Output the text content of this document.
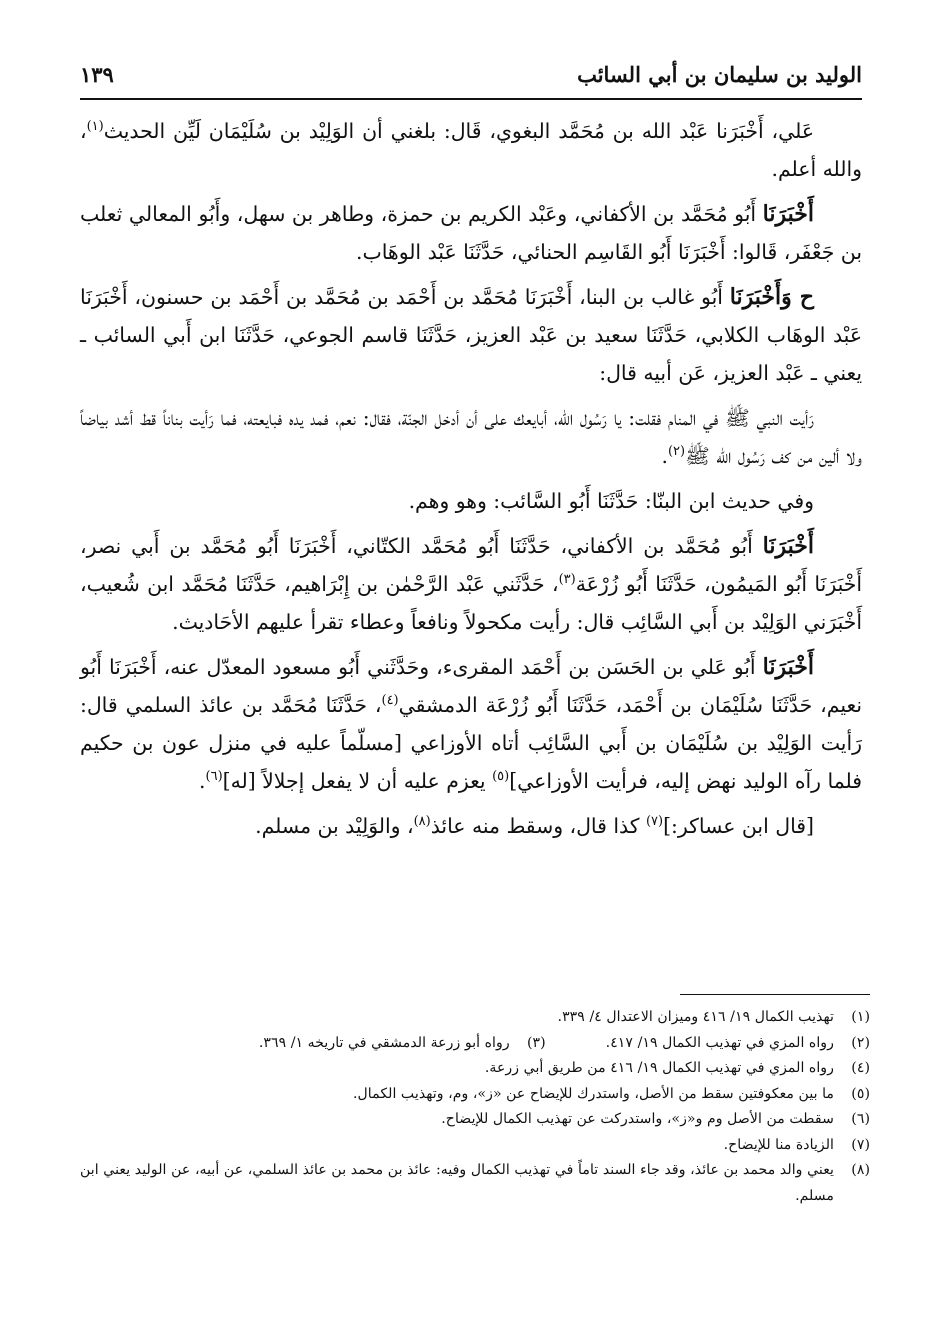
الوليد بن سليمان بن أبي السائب
١٣٩

عَلي، أَخْبَرَنا عَبْد الله بن مُحَمَّد البغوي، قَال: بلغني أن الوَلِيْد بن سُلَيْمَان لَيِّن الحديث$^{(١)}$، والله أعلم.

أَخْبَرَنَا أَبُو مُحَمَّد بن الأكفاني، وعَبْد الكريم بن حمزة، وطاهر بن سهل، وأَبُو المعالي ثعلب بن جَعْفَر، قَالوا: أَخْبَرَنَا أَبُو القَاسِم الحنائي، حَدَّثَنَا عَبْد الوهَاب.

ح وَأَخْبَرَنَا أَبُو غالب بن البنا، أَخْبَرَنَا مُحَمَّد بن أَحْمَد بن مُحَمَّد بن أَحْمَد بن حسنون، أَخْبَرَنَا عَبْد الوهَاب الكلابي، حَدَّثَنَا سعيد بن عَبْد العزيز، حَدَّثَنَا قاسم الجوعي، حَدَّثَنَا ابن أَبي السائب ـ يعني ـ عَبْد العزيز، عَن أبيه قال:

رَأيت النبي ﷺ في المنام فقلت: يا رَسُول الله، أبايعك على أن أدخل الجنّة، فقال: نعم، فمد يده فبايعته، فما رَأيت بناناً قط أشد بياضاً ولا ألين من كف رَسُول الله ﷺ$^{(٢)}$.

وفي حديث ابن البنّا: حَدَّثَنَا أَبُو السَّائب: وهو وهم.

أَخْبَرَنَا أَبُو مُحَمَّد بن الأكفاني، حَدَّثَنَا أَبُو مُحَمَّد الكتّاني، أَخْبَرَنَا أَبُو مُحَمَّد بن أَبي نصر، أَخْبَرَنَا أَبُو المَيمُون، حَدَّثَنَا أَبُو زُرْعَة$^{(٣)}$، حَدَّثَني عَبْد الرَّحْمٰن بن إِبْرَاهيم، حَدَّثَنَا مُحَمَّد ابن شُعيب، أَخْبَرَني الوَلِيْد بن أَبي السَّائِب قال: رأيت مكحولاً ونافعاً وعطاء تقرأ عليهم الأحَاديث.

أَخْبَرَنَا أَبُو عَلي بن الحَسَن بن أَحْمَد المقرىء، وحَدَّثَني أَبُو مسعود المعدّل عنه، أَخْبَرَنَا أَبُو نعيم، حَدَّثَنَا سُلَيْمَان بن أَحْمَد، حَدَّثَنَا أَبُو زُرْعَة الدمشقي$^{(٤)}$، حَدَّثَنَا مُحَمَّد بن عائذ السلمي قال: رَأيت الوَلِيْد بن سُلَيْمَان بن أَبي السَّائِب أتاه الأوزاعي [مسلّماً عليه في منزل عون بن حكيم فلما رآه الوليد نهض إليه، فرأيت الأوزاعي]$^{(٥)}$ يعزم عليه أن لا يفعل إجلالاً [له]$^{(٦)}$.

[قال ابن عساكر:]$^{(٧)}$ كذا قال، وسقط منه عائذ$^{(٨)}$، والوَلِيْد بن مسلم.

(١)
تهذيب الكمال ١٩/ ٤١٦ وميزان الاعتدال ٤/ ٣٣٩.

(٢)
رواه المزي في تهذيب الكمال ١٩/ ٤١٧.

(٣)
رواه أبو زرعة الدمشقي في تاريخه ١/ ٣٦٩.

(٤)
رواه المزي في تهذيب الكمال ١٩/ ٤١٦ من طريق أبي زرعة.

(٥)
ما بين معكوفتين سقط من الأصل، واستدرك للإيضاح عن «ز»، وم، وتهذيب الكمال.

(٦)
سقطت من الأصل وم و«ز»، واستدركت عن تهذيب الكمال للإيضاح.

(٧)
الزيادة منا للإيضاح.

(٨)
يعني والد محمد بن عائذ، وقد جاء السند تاماً في تهذيب الكمال وفيه: عائذ بن محمد بن عائذ السلمي، عن أبيه، عن الوليد يعني ابن مسلم.
